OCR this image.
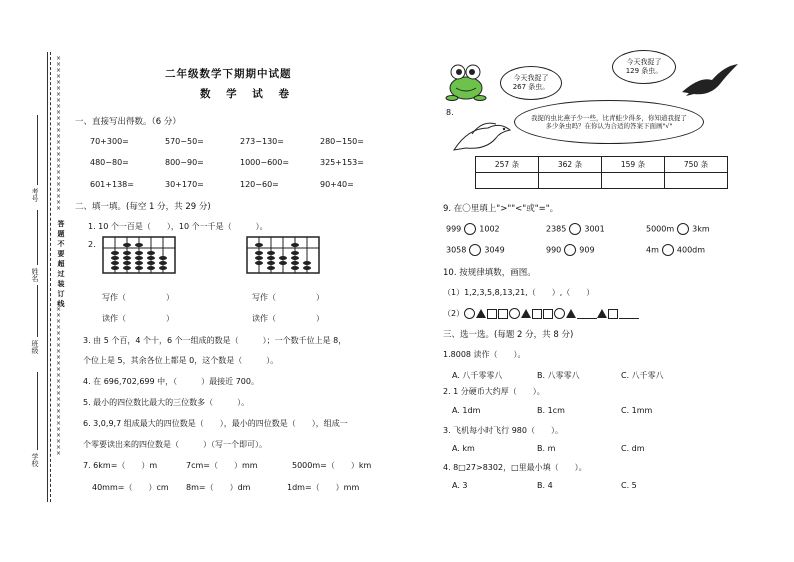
××××××××××××××××××××××××××
××××××××××××××××××××××××××
答题不要超过装订线
考号
姓名
班级
学校
二年级数学下期期中试题
数 学 试 卷
一、直接写出得数。（6 分）
70+300=	570−50=	273−130=	280−150=
480−80=	800−90=	1000−600=	325+153=
601+138=	30+170=	120−60=	90+40=
二、填一填。(每空 1 分，共 29 分)
1. 10 个一百是（　　），10 个一千是（　　　）。
2.
写作（　　　　　）	写作（　　　　　）
读作（　　　　　）	读作（　　　　　）
3. 由 5 个百，4 个十，6 个一组成的数是（　　　）；一个数千位上是 8，
个位上是 5，其余各位上都是 0，这个数是（　　　）。
4. 在 696,702,699 中，（　　　）最接近 700。
5. 最小的四位数比最大的三位数多（　　　）。
6. 3,0,9,7 组成最大的四位数是（　　），最小的四位数是（　　），组成一
个零要读出来的四位数是（　　　）（写一个即可）。
7. 6km=（　　）m	7cm=（　　）mm	5000m=（　　）km
40mm=（　　）cm 8m=（　　）dm	1dm=（　　）mm
今天我捉了
267 条虫。
今天我捉了
129 条虫。
8.
我捉的虫比燕子少一些，比青蛙少得多，你知道我捉了多少条虫吗？在你认为合适的答案下面画"√"
257 条	362 条	159 条	750 条

9. 在〇里填上">""<"或"="。
999 1002	2385 3001	5000m 3km
3058 3049	990 909	4m 400dm
10. 按规律填数，画图。
（1）1,2,3,5,8,13,21,（　　）,（　　）
（2）
三、选一选。(每题 2 分，共 8 分)
1.8008 读作（　　）。
A. 八千零零八	B. 八零零八	C. 八千零八
2. 1 分硬币大约厚（　　）。
A. 1dm	B. 1cm	C. 1mm
3. 飞机每小时飞行 980（　　）。
A. km	B. m	C. dm
4. 8□27>8302，□里最小填（　　）。
A. 3	B. 4	C. 5
